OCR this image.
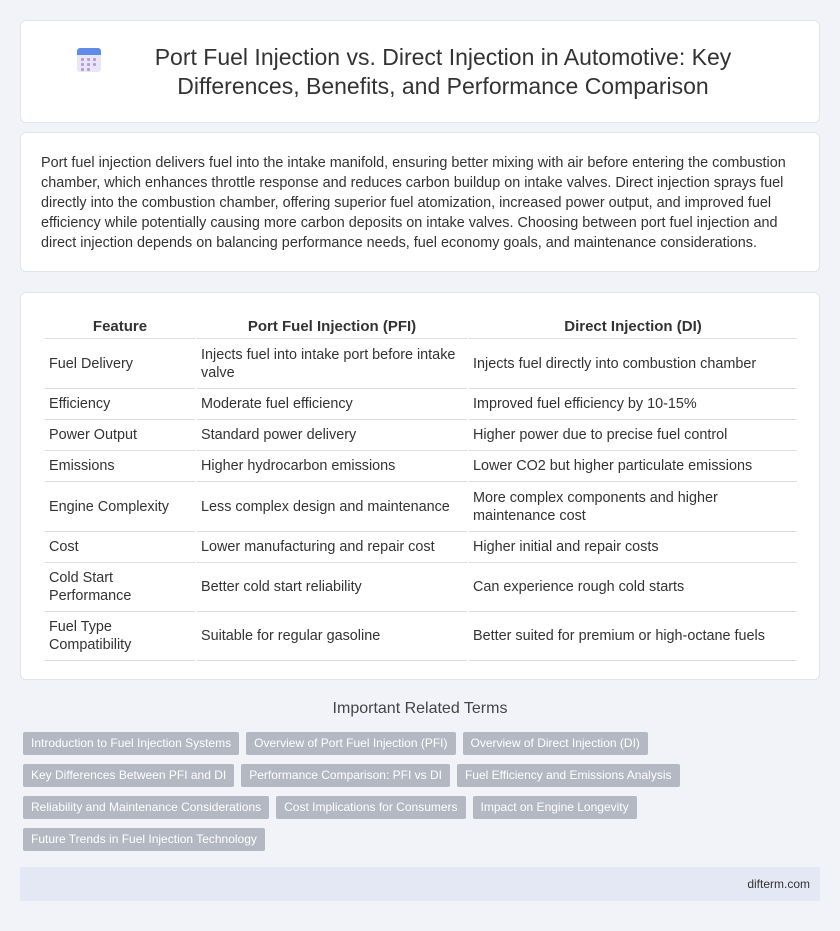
Port Fuel Injection vs. Direct Injection in Automotive: Key Differences, Benefits, and Performance Comparison

Port fuel injection delivers fuel into the intake manifold, ensuring better mixing with air before entering the combustion chamber, which enhances throttle response and reduces carbon buildup on intake valves. Direct injection sprays fuel directly into the combustion chamber, offering superior fuel atomization, increased power output, and improved fuel efficiency while potentially causing more carbon deposits on intake valves. Choosing between port fuel injection and direct injection depends on balancing performance needs, fuel economy goals, and maintenance considerations.

Feature	Port Fuel Injection (PFI)	Direct Injection (DI)
Fuel Delivery	Injects fuel into intake port before intake valve	Injects fuel directly into combustion chamber
Efficiency	Moderate fuel efficiency	Improved fuel efficiency by 10-15%
Power Output	Standard power delivery	Higher power due to precise fuel control
Emissions	Higher hydrocarbon emissions	Lower CO2 but higher particulate emissions
Engine Complexity	Less complex design and maintenance	More complex components and higher maintenance cost
Cost	Lower manufacturing and repair cost	Higher initial and repair costs
Cold Start Performance	Better cold start reliability	Can experience rough cold starts
Fuel Type Compatibility	Suitable for regular gasoline	Better suited for premium or high-octane fuels
Important Related Terms
Introduction to Fuel Injection Systems	Overview of Port Fuel Injection (PFI)	Overview of Direct Injection (DI)
Key Differences Between PFI and DI	Performance Comparison: PFI vs DI	Fuel Efficiency and Emissions Analysis
Reliability and Maintenance Considerations	Cost Implications for Consumers	Impact on Engine Longevity
Future Trends in Fuel Injection Technology
difterm.com
